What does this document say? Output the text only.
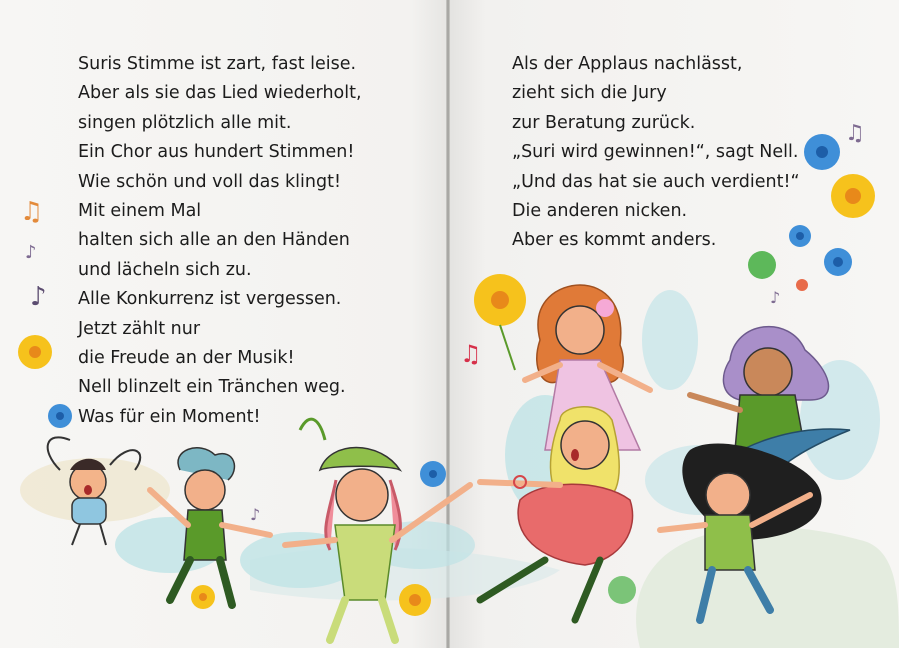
♫
♪
♪
♫
♫
♪
♪
Suris Stimme ist zart, fast leise.
Aber als sie das Lied wiederholt,
singen plötzlich alle mit.
Ein Chor aus hundert Stimmen!
Wie schön und voll das klingt!
Mit einem Mal
halten sich alle an den Händen
und lächeln sich zu.
Alle Konkurrenz ist vergessen.
Jetzt zählt nur
die Freude an der Musik!
Nell blinzelt ein Tränchen weg.
Was für ein Moment!
Als der Applaus nachlässt,
zieht sich die Jury
zur Beratung zurück.
„Suri wird gewinnen!“, sagt Nell.
„Und das hat sie auch verdient!“
Die anderen nicken.
Aber es kommt anders.
